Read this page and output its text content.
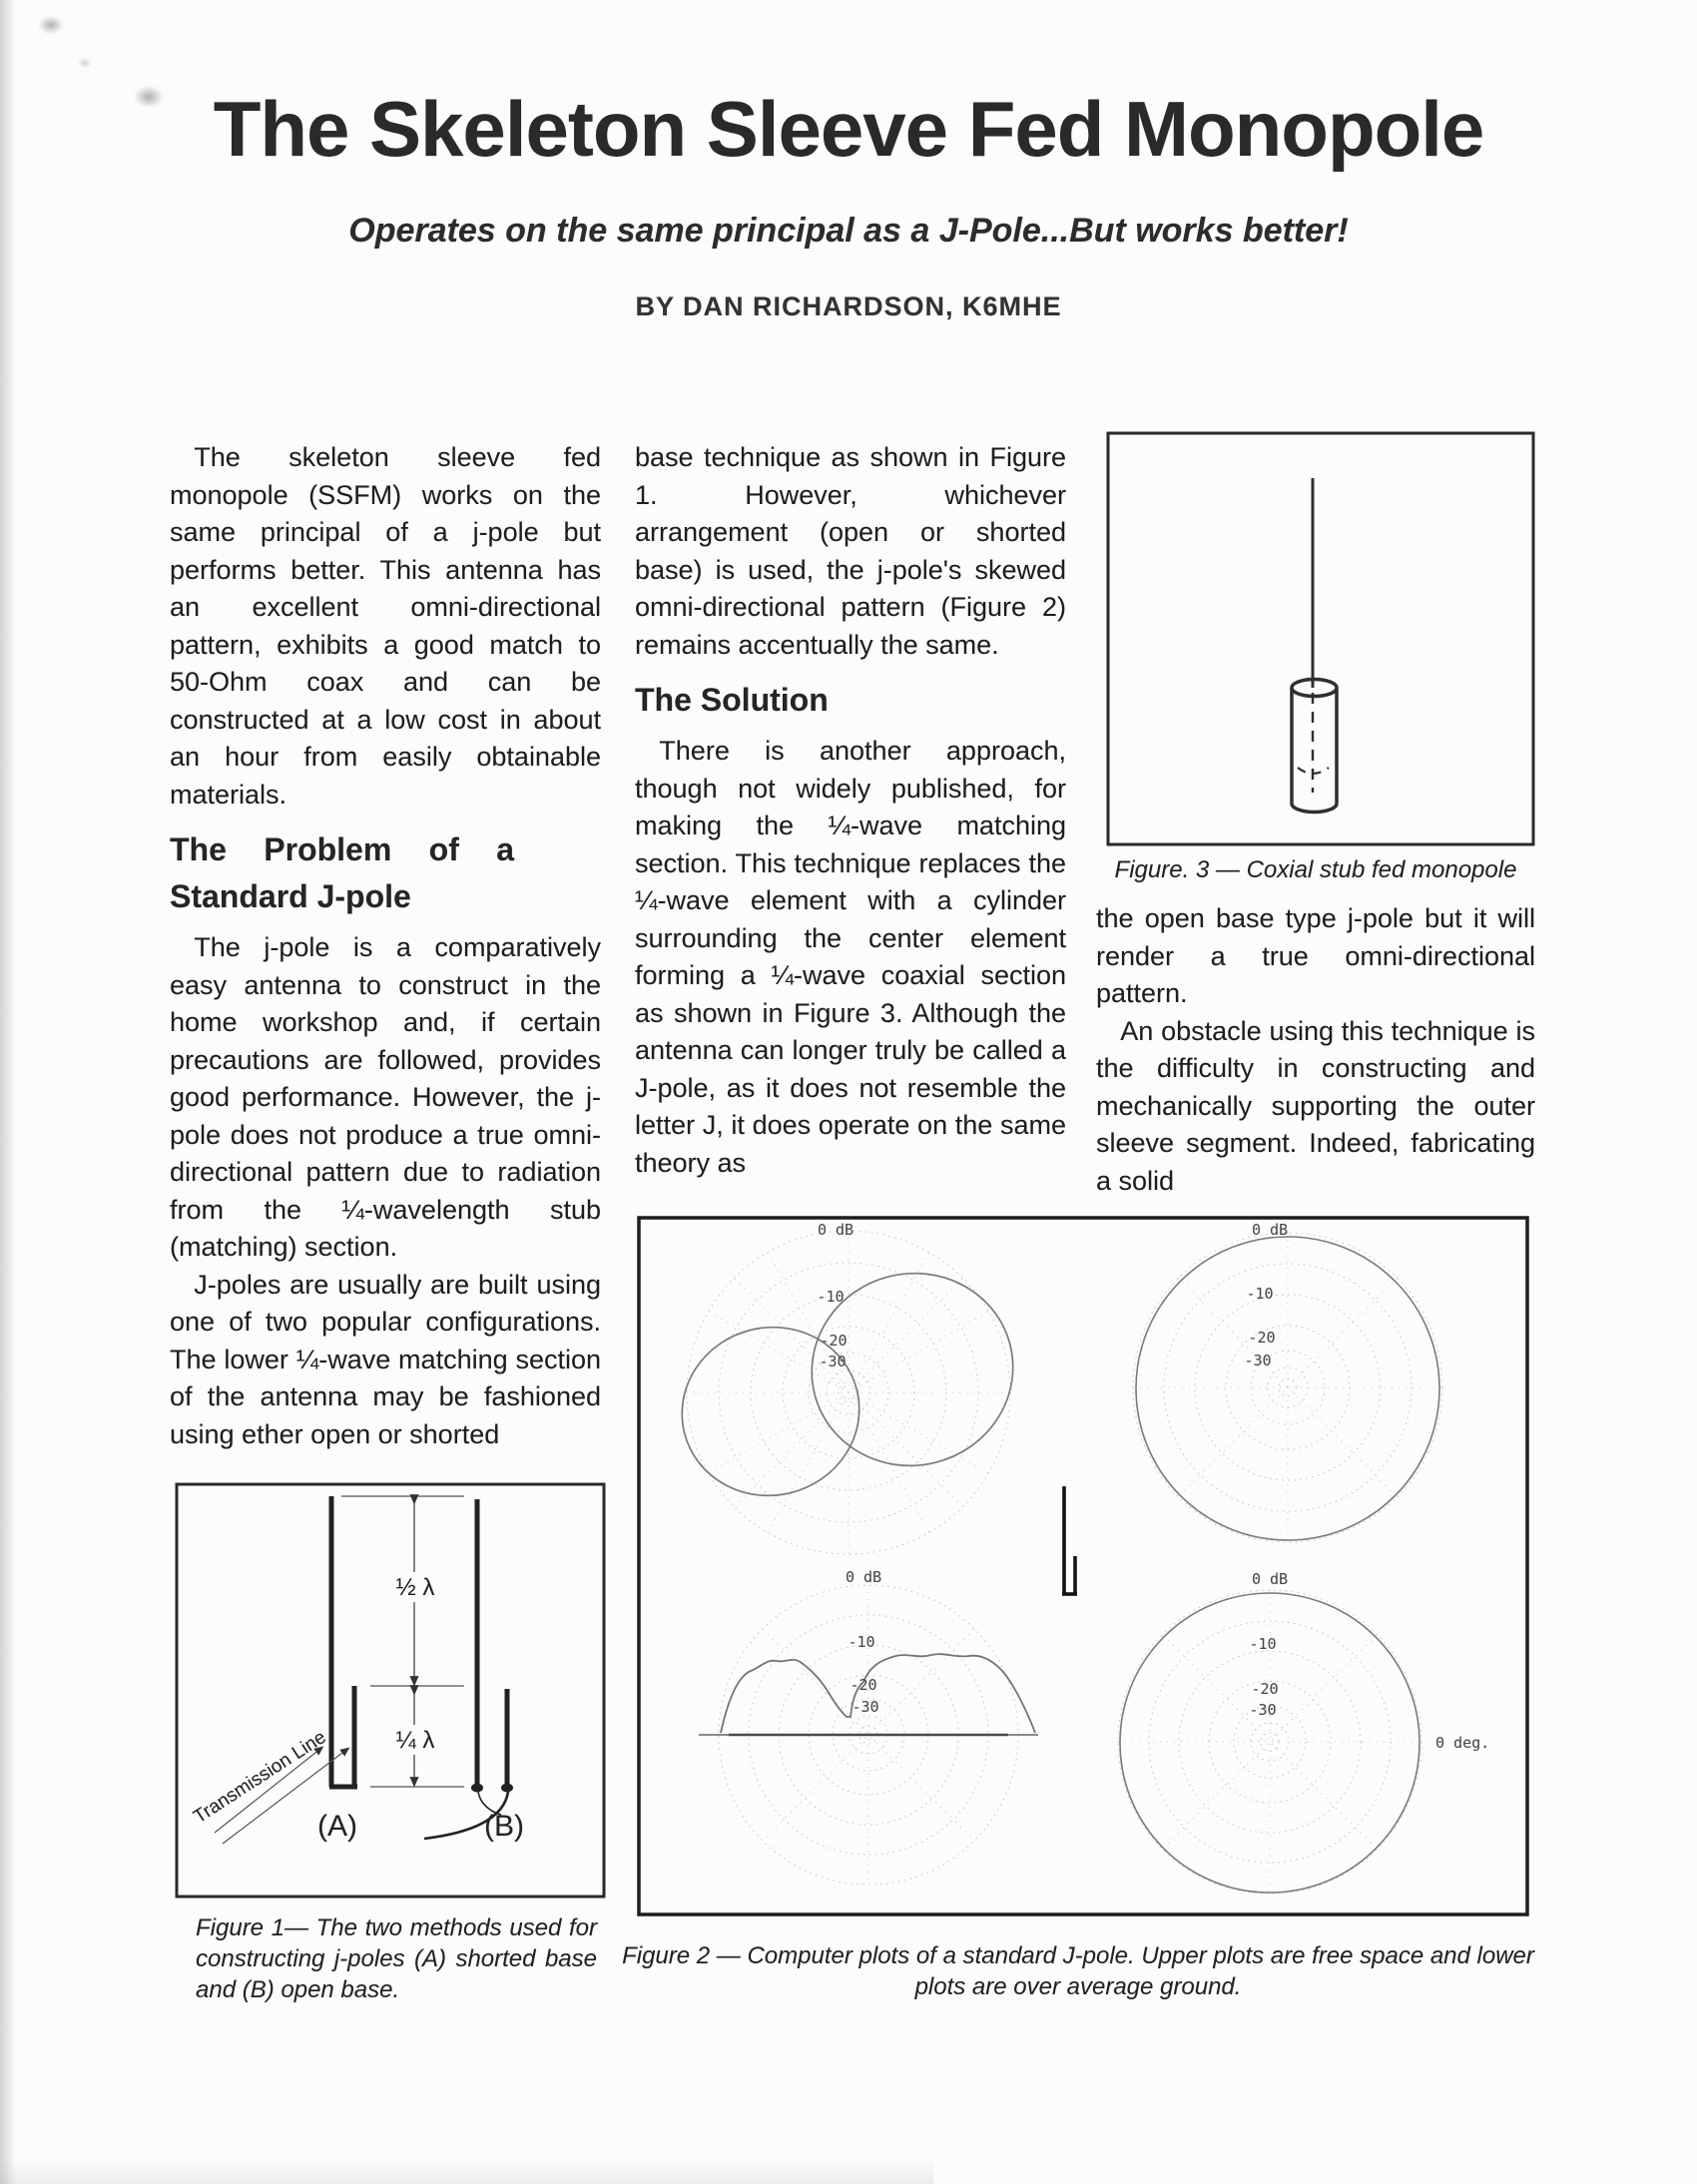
The Skeleton Sleeve Fed Monopole
Operates on the same principal as a J-Pole...But works better!
BY DAN RICHARDSON, K6MHE

The skeleton sleeve fed monopole (SSFM) works on the same principal of a j-pole but performs better. This antenna has an excellent omni-directional pattern, exhibits a good match to 50-Ohm coax and can be constructed at a low cost in about an hour from easily obtainable materials.

The Problem of a Standard J-pole

The j-pole is a comparatively easy antenna to construct in the home workshop and, if certain precautions are followed, provides good performance. However, the j-pole does not produce a true omni-directional pattern due to radiation from the ¼-wavelength stub (matching) section.

J-poles are usually are built using one of two popular configurations. The lower ¼-wave matching section of the antenna may be fashioned using ether open or shorted

base technique as shown in Figure 1. However, whichever arrangement (open or shorted base) is used, the j-pole's skewed omni-directional pattern (Figure 2) remains accentually the same.

The Solution

There is another approach, though not widely published, for making the ¼-wave matching section. This technique replaces the ¼-wave element with a cylinder surrounding the center element forming a ¼-wave coaxial section as shown in Figure 3. Although the antenna can longer truly be called a J-pole, as it does not resemble the letter J, it does operate on the same theory as

the open base type j-pole but it will render a true omni-directional pattern.

An obstacle using this technique is the difficulty in constructing and mechanically supporting the outer sleeve segment. Indeed, fabricating a solid

Figure. 3 — Coxial stub fed monopole
½ λ
¼ λ
Transmission Line
(A)	(B)
Figure 1— The two methods used for constructing j-poles (A) shorted base and (B) open base.
0 dB
-10
-20
-30
0 dB
-10
-20
-30
0 dB
-10
-20
-30
0 dB
-10
-20
-30
0 deg.
Figure 2 — Computer plots of a standard J-pole. Upper plots are free space and lower plots are over average ground.
